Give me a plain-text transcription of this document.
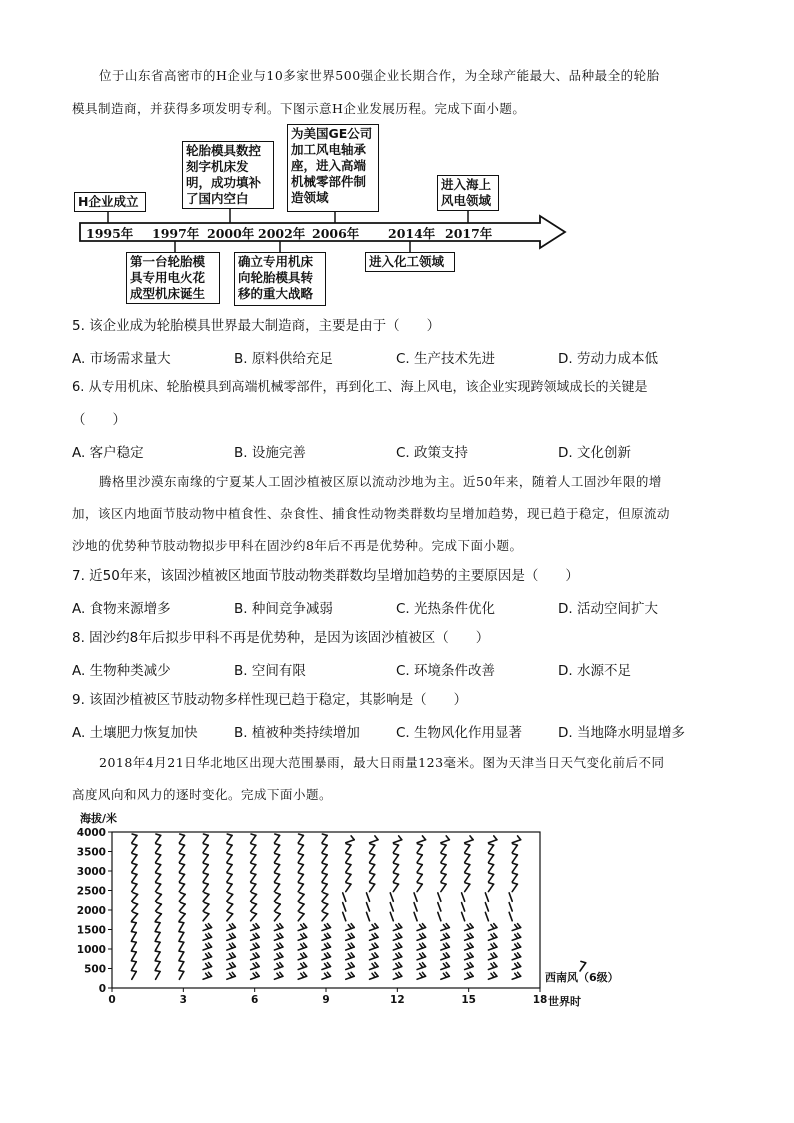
位于山东省高密市的H企业与10多家世界500强企业长期合作，为全球产能最大、品种最全的轮胎
模具制造商，并获得多项发明专利。下图示意H企业发展历程。完成下面小题。
1995年 1997年 2000年 2002年 2006年 2014年 2017年
H企业成立
轮胎模具数控刻字机床发明，成功填补了国内空白
为美国GE公司加工风电轴承座，进入高端机械零部件制造领域
进入海上风电领域
第一台轮胎模具专用电火花成型机床诞生
确立专用机床向轮胎模具转移的重大战略
进入化工领域
5. 该企业成为轮胎模具世界最大制造商，主要是由于（　　）
A. 市场需求量大	B. 原料供给充足	C. 生产技术先进	D. 劳动力成本低
6. 从专用机床、轮胎模具到高端机械零部件，再到化工、海上风电，该企业实现跨领域成长的关键是
（　　）
A. 客户稳定	B. 设施完善	C. 政策支持	D. 文化创新
腾格里沙漠东南缘的宁夏某人工固沙植被区原以流动沙地为主。近50年来，随着人工固沙年限的增
加，该区内地面节肢动物中植食性、杂食性、捕食性动物类群数均呈增加趋势，现已趋于稳定，但原流动
沙地的优势种节肢动物拟步甲科在固沙约8年后不再是优势种。完成下面小题。
7. 近50年来，该固沙植被区地面节肢动物类群数均呈增加趋势的主要原因是（　　）
A. 食物来源增多	B. 种间竞争减弱	C. 光热条件优化	D. 活动空间扩大
8. 固沙约8年后拟步甲科不再是优势种，是因为该固沙植被区（　　）
A. 生物种类减少	B. 空间有限	C. 环境条件改善	D. 水源不足
9. 该固沙植被区节肢动物多样性现已趋于稳定，其影响是（　　）
A. 土壤肥力恢复加快	B. 植被种类持续增加	C. 生物风化作用显著	D. 当地降水明显增多
2018年4月21日华北地区出现大范围暴雨，最大日雨量123毫米。图为天津当日天气变化前后不同
高度风向和风力的逐时变化。完成下面小题。
海拔/米
世界时
西南风（6级）
0
500
1000
1500
2000
2500
3000
3500
4000
0	3	6	9	12	15	18
